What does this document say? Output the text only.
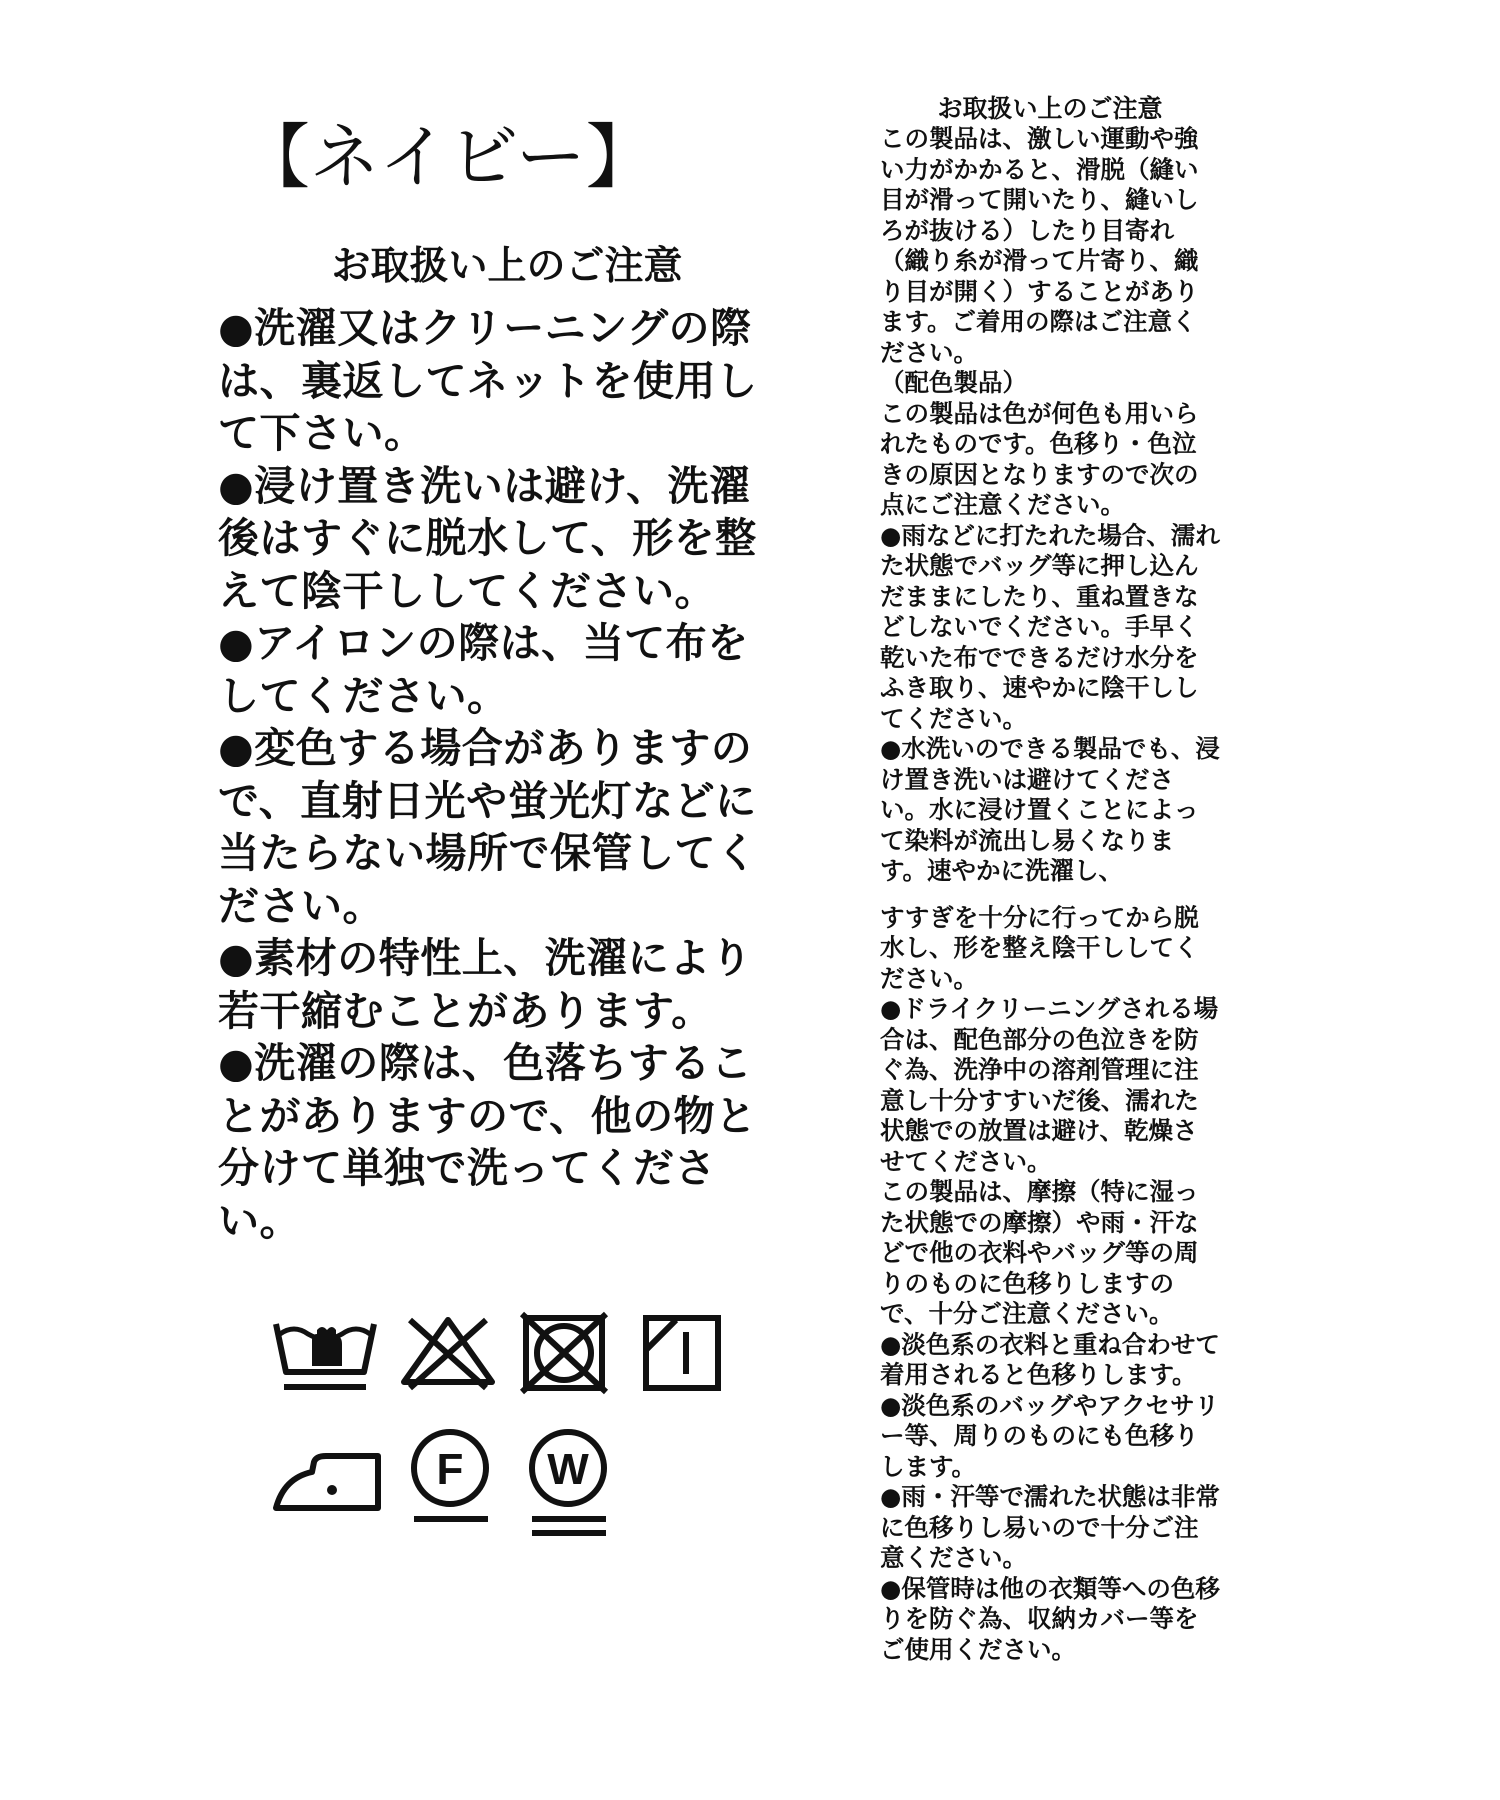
【ネイビー】
お取扱い上のご注意

●洗濯又はクリーニングの際は、裏返してネットを使用して下さい。

●浸け置き洗いは避け、洗濯後はすぐに脱水して、形を整えて陰干ししてください。

●アイロンの際は、当て布をしてください。

●変色する場合がありますので、直射日光や蛍光灯などに当たらない場所で保管してください。

●素材の特性上、洗濯により若干縮むことがあります。

●洗濯の際は、色落ちすることがありますので、他の物と分けて単独で洗ってください。

お取扱い上のご注意

この製品は、激しい運動や強い力がかかると、滑脱（縫い目が滑って開いたり、縫いしろが抜ける）したり目寄れ（織り糸が滑って片寄り、織り目が開く）することがあります。ご着用の際はご注意ください。

（配色製品）

この製品は色が何色も用いられたものです。色移り・色泣きの原因となりますので次の点にご注意ください。

●雨などに打たれた場合、濡れた状態でバッグ等に押し込んだままにしたり、重ね置きなどしないでください。手早く乾いた布でできるだけ水分をふき取り、速やかに陰干ししてください。

●水洗いのできる製品でも、浸け置き洗いは避けてください。水に浸け置くことによって染料が流出し易くなります。速やかに洗濯し、

すすぎを十分に行ってから脱水し、形を整え陰干ししてください。

●ドライクリーニングされる場合は、配色部分の色泣きを防ぐ為、洗浄中の溶剤管理に注意し十分すすいだ後、濡れた状態での放置は避け、乾燥させてください。

この製品は、摩擦（特に湿った状態での摩擦）や雨・汗などで他の衣料やバッグ等の周りのものに色移りしますので、十分ご注意ください。

●淡色系の衣料と重ね合わせて着用されると色移りします。

●淡色系のバッグやアクセサリー等、周りのものにも色移りします。

●雨・汗等で濡れた状態は非常に色移りし易いので十分ご注意ください。

●保管時は他の衣類等への色移りを防ぐ為、収納カバー等をご使用ください。

F W
